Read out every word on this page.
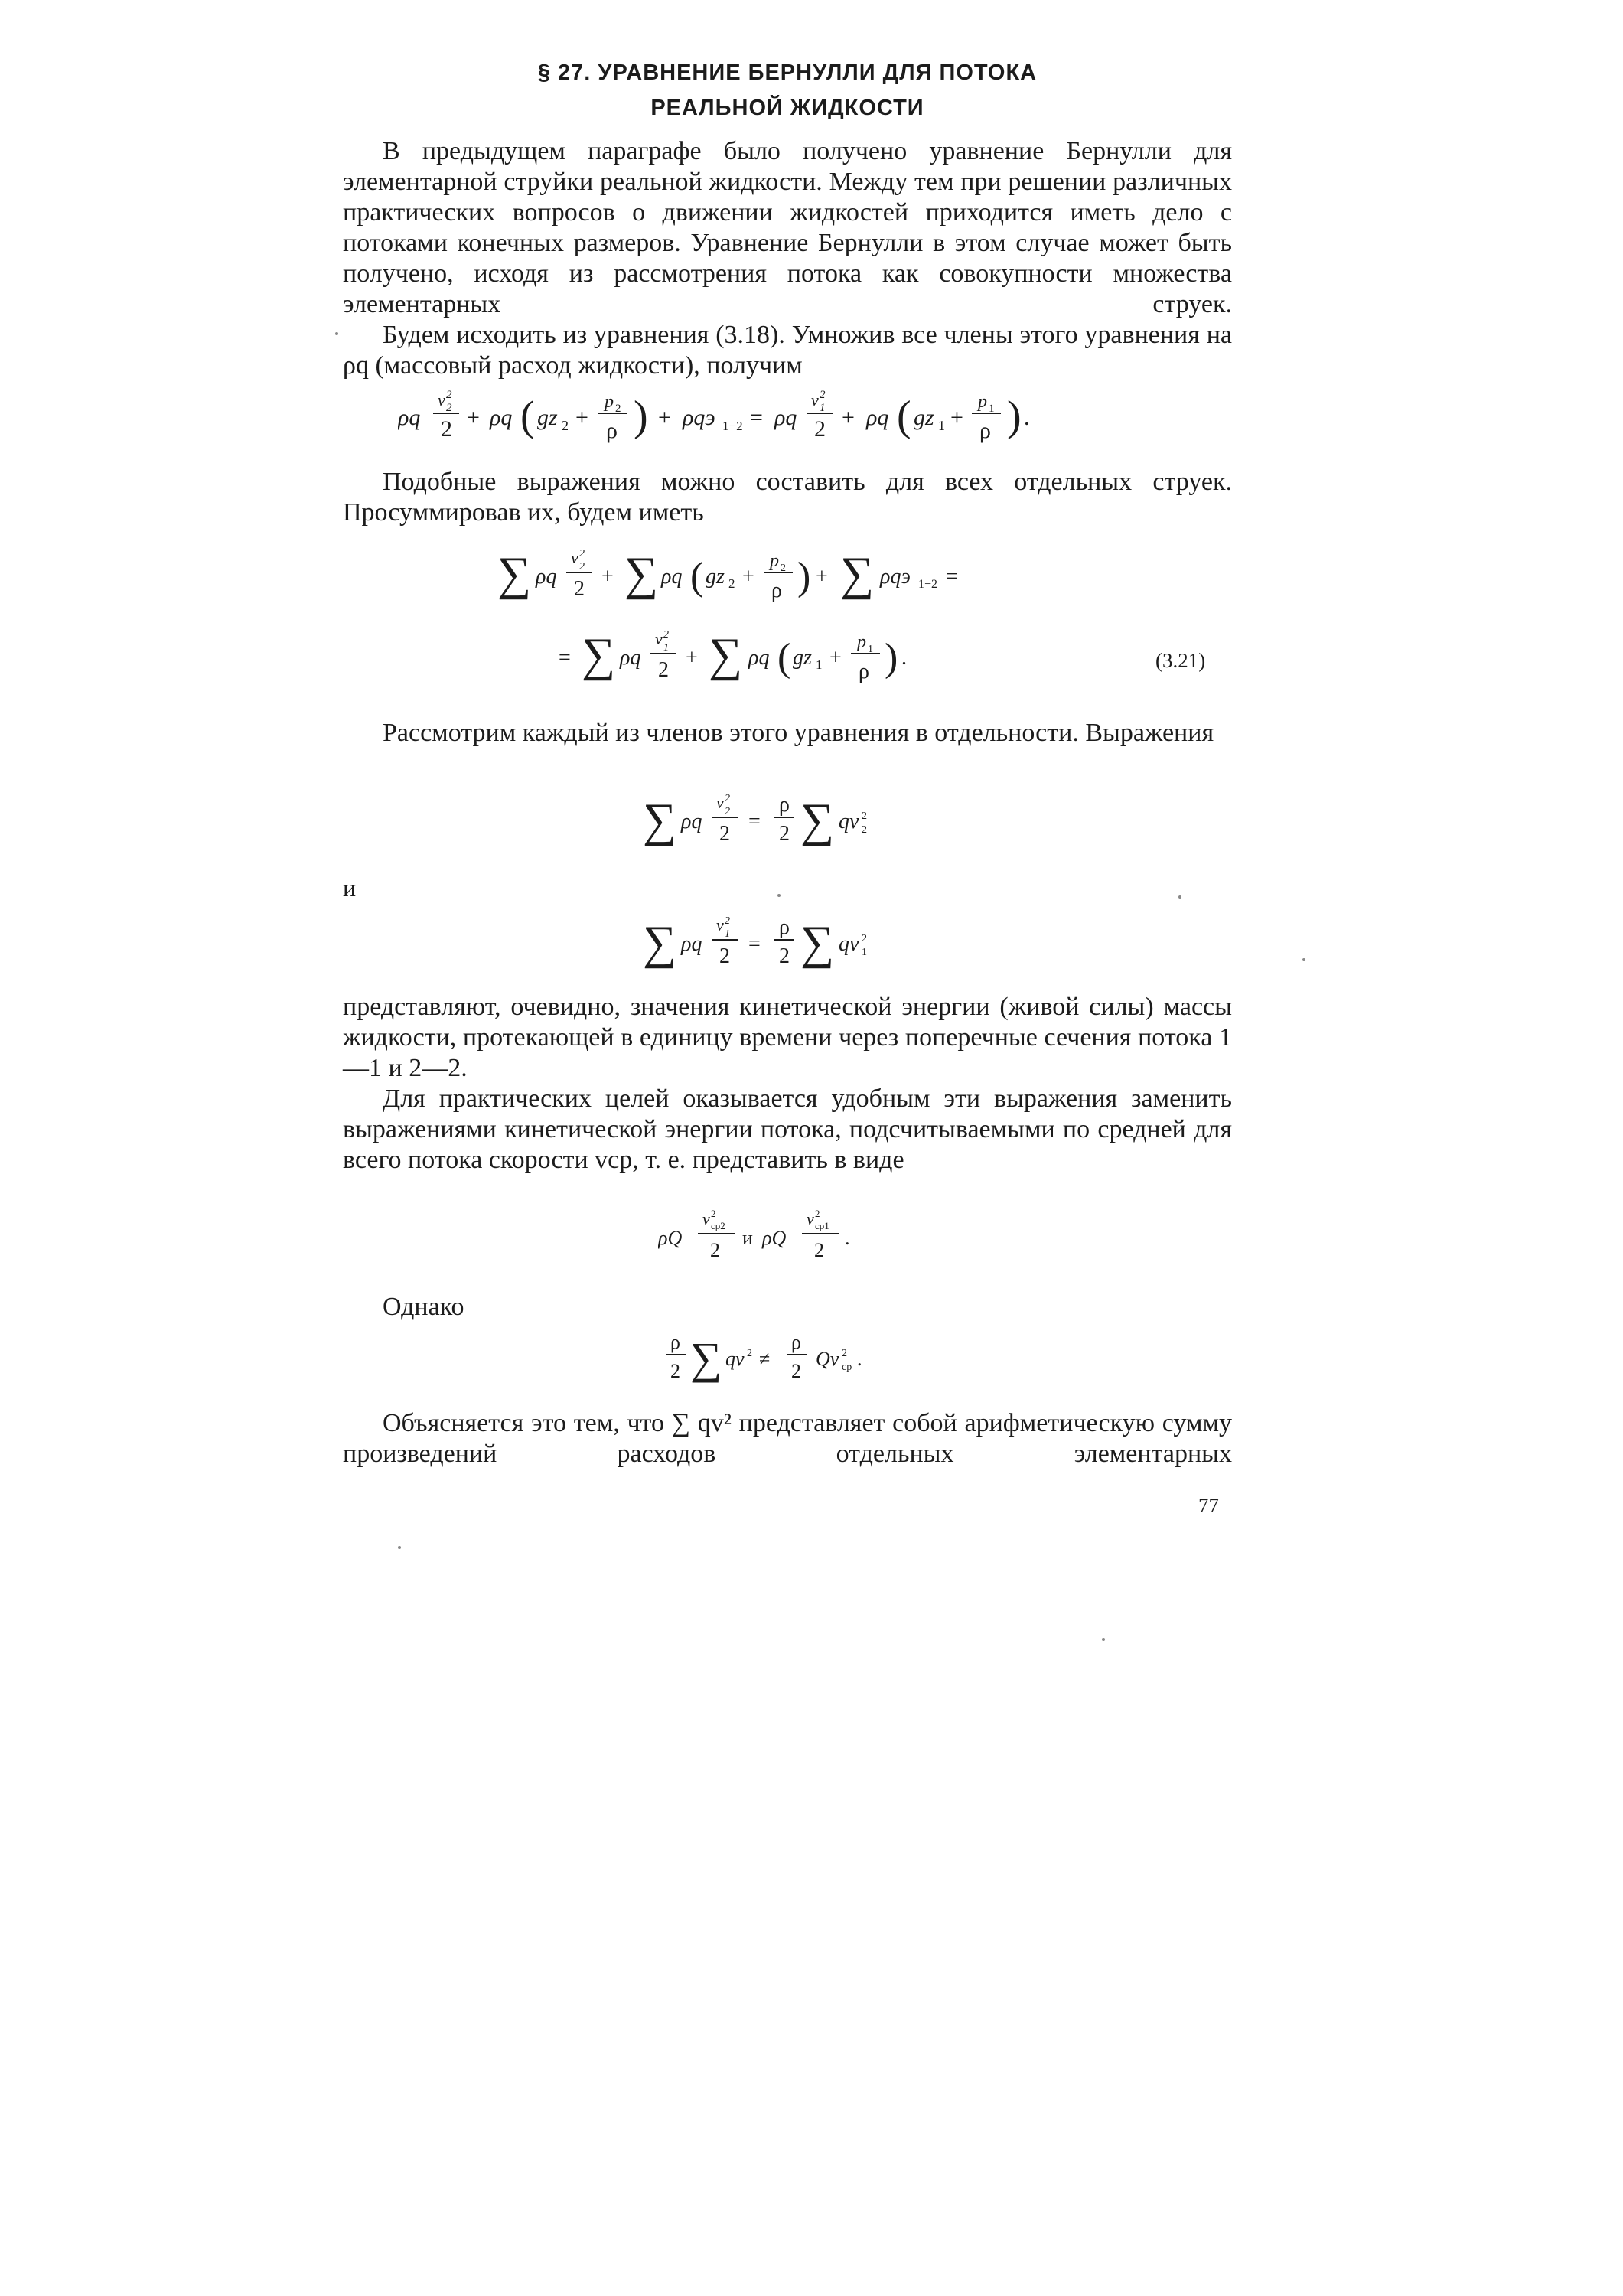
§ 27. УРАВНЕНИЕ БЕРНУЛЛИ ДЛЯ ПОТОКА
РЕАЛЬНОЙ ЖИДКОСТИ
В предыдущем параграфе было получено уравнение Бернулли для элементарной струйки реальной жидкости. Между тем при решении различных практических вопросов о движении жидкостей приходится иметь дело с потоками конечных размеров. Уравнение Бернулли в этом случае может быть получено, исходя из рассмотрения потока как совокупности множества элементарных струек.
Будем исходить из уравнения (3.18). Умножив все члены этого уравнения на ρq (массовый расход жидкости), получим
ρq
v 2
2
2 + ρq ( gz 2 +
p 2
ρ ) + ρqэ 1−2 = ρq
v 2
1
2 + ρq ( gz 1 +
p 1
ρ ) .
Подобные выражения можно составить для всех отдельных струек. Просуммировав их, будем иметь
∑ ρq
v 2
2
2
+ ∑ ρq ( gz 2 +
p 2
ρ ) + ∑ ρqэ 1−2 =
= ∑ ρq
v 2
1
2
+ ∑ ρq ( gz 1 +
p 1
ρ ) .	(3.21)
Рассмотрим каждый из членов этого уравнения в отдельности. Выражения
∑ ρq
v 2
2
2
=
ρ
2 ∑ qv 2
2
и
∑ ρq
v 2
1
2
=
ρ
2 ∑ qv 2
1
представляют, очевидно, значения кинетической энергии (живой силы) массы жидкости, протекающей в единицу времени через поперечные сечения потока 1—1 и 2—2.
Для практических целей оказывается удобным эти выражения заменить выражениями кинетической энергии потока, подсчитываемыми по средней для всего потока скорости vср, т. е. представить в виде
ρQ
v 2
ср2
2
и ρQ
v 2
ср1
2
.
Однако
ρ
2 ∑ qv 2 ≠
ρ
2
Qv 2
ср .
Объясняется это тем, что ∑ qv² представляет собой арифметическую сумму произведений расходов отдельных элементарных
77
